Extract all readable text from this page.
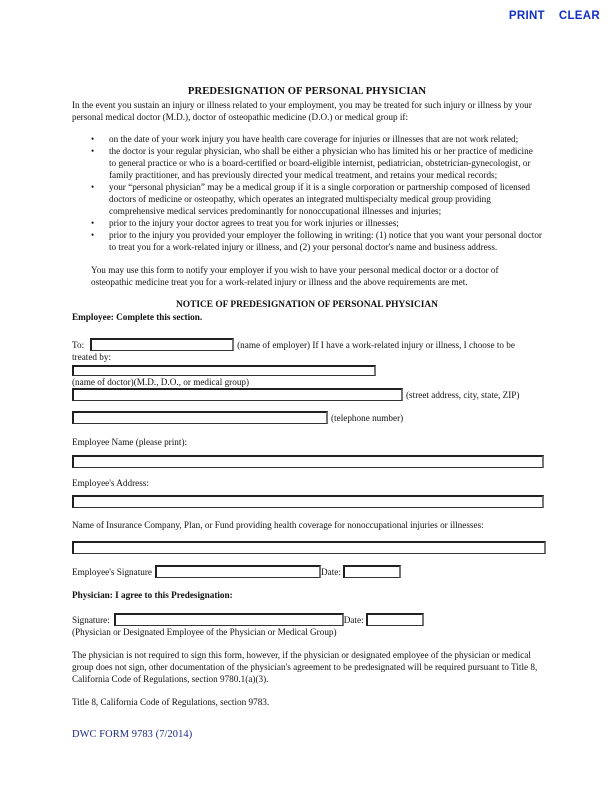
PRINT CLEAR
PREDESIGNATION OF PERSONAL PHYSICIAN

In the event you sustain an injury or illness related to your employment, you may be treated for such injury or illness by your personal medical doctor (M.D.), doctor of osteopathic medicine (D.O.) or medical group if:

• on the date of your work injury you have health care coverage for injuries or illnesses that are not work related;
• the doctor is your regular physician, who shall be either a physician who has limited his or her practice of medicine to general practice or who is a board-certified or board-eligible internist, pediatrician, obstetrician-gynecologist, or family practitioner, and has previously directed your medical treatment, and retains your medical records;
• your “personal physician” may be a medical group if it is a single corporation or partnership composed of licensed doctors of medicine or osteopathy, which operates an integrated multispecialty medical group providing comprehensive medical services predominantly for nonoccupational illnesses and injuries;
• prior to the injury your doctor agrees to treat you for work injuries or illnesses;
• prior to the injury you provided your employer the following in writing: (1) notice that you want your personal doctor to treat you for a work-related injury or illness, and (2) your personal doctor's name and business address.

You may use this form to notify your employer if you wish to have your personal medical doctor or a doctor of osteopathic medicine treat you for a work-related injury or illness and the above requirements are met.

NOTICE OF PREDESIGNATION OF PERSONAL PHYSICIAN
Employee: Complete this section.
To:	(name of employer) If I have a work-related injury or illness, I choose to be
treated by:
(name of doctor)(M.D., D.O., or medical group)
(street address, city, state, ZIP)
(telephone number)
Employee Name (please print):
Employee's Address:
Name of Insurance Company, Plan, or Fund providing health coverage for nonoccupational injuries or illnesses:
Employee's Signature	Date:
Physician: I agree to this Predesignation:
Signature:	Date:
(Physician or Designated Employee of the Physician or Medical Group)

The physician is not required to sign this form, however, if the physician or designated employee of the physician or medical group does not sign, other documentation of the physician's agreement to be predesignated will be required pursuant to Title 8, California Code of Regulations, section 9780.1(a)(3).

Title 8, California Code of Regulations, section 9783.
DWC FORM 9783 (7/2014)
